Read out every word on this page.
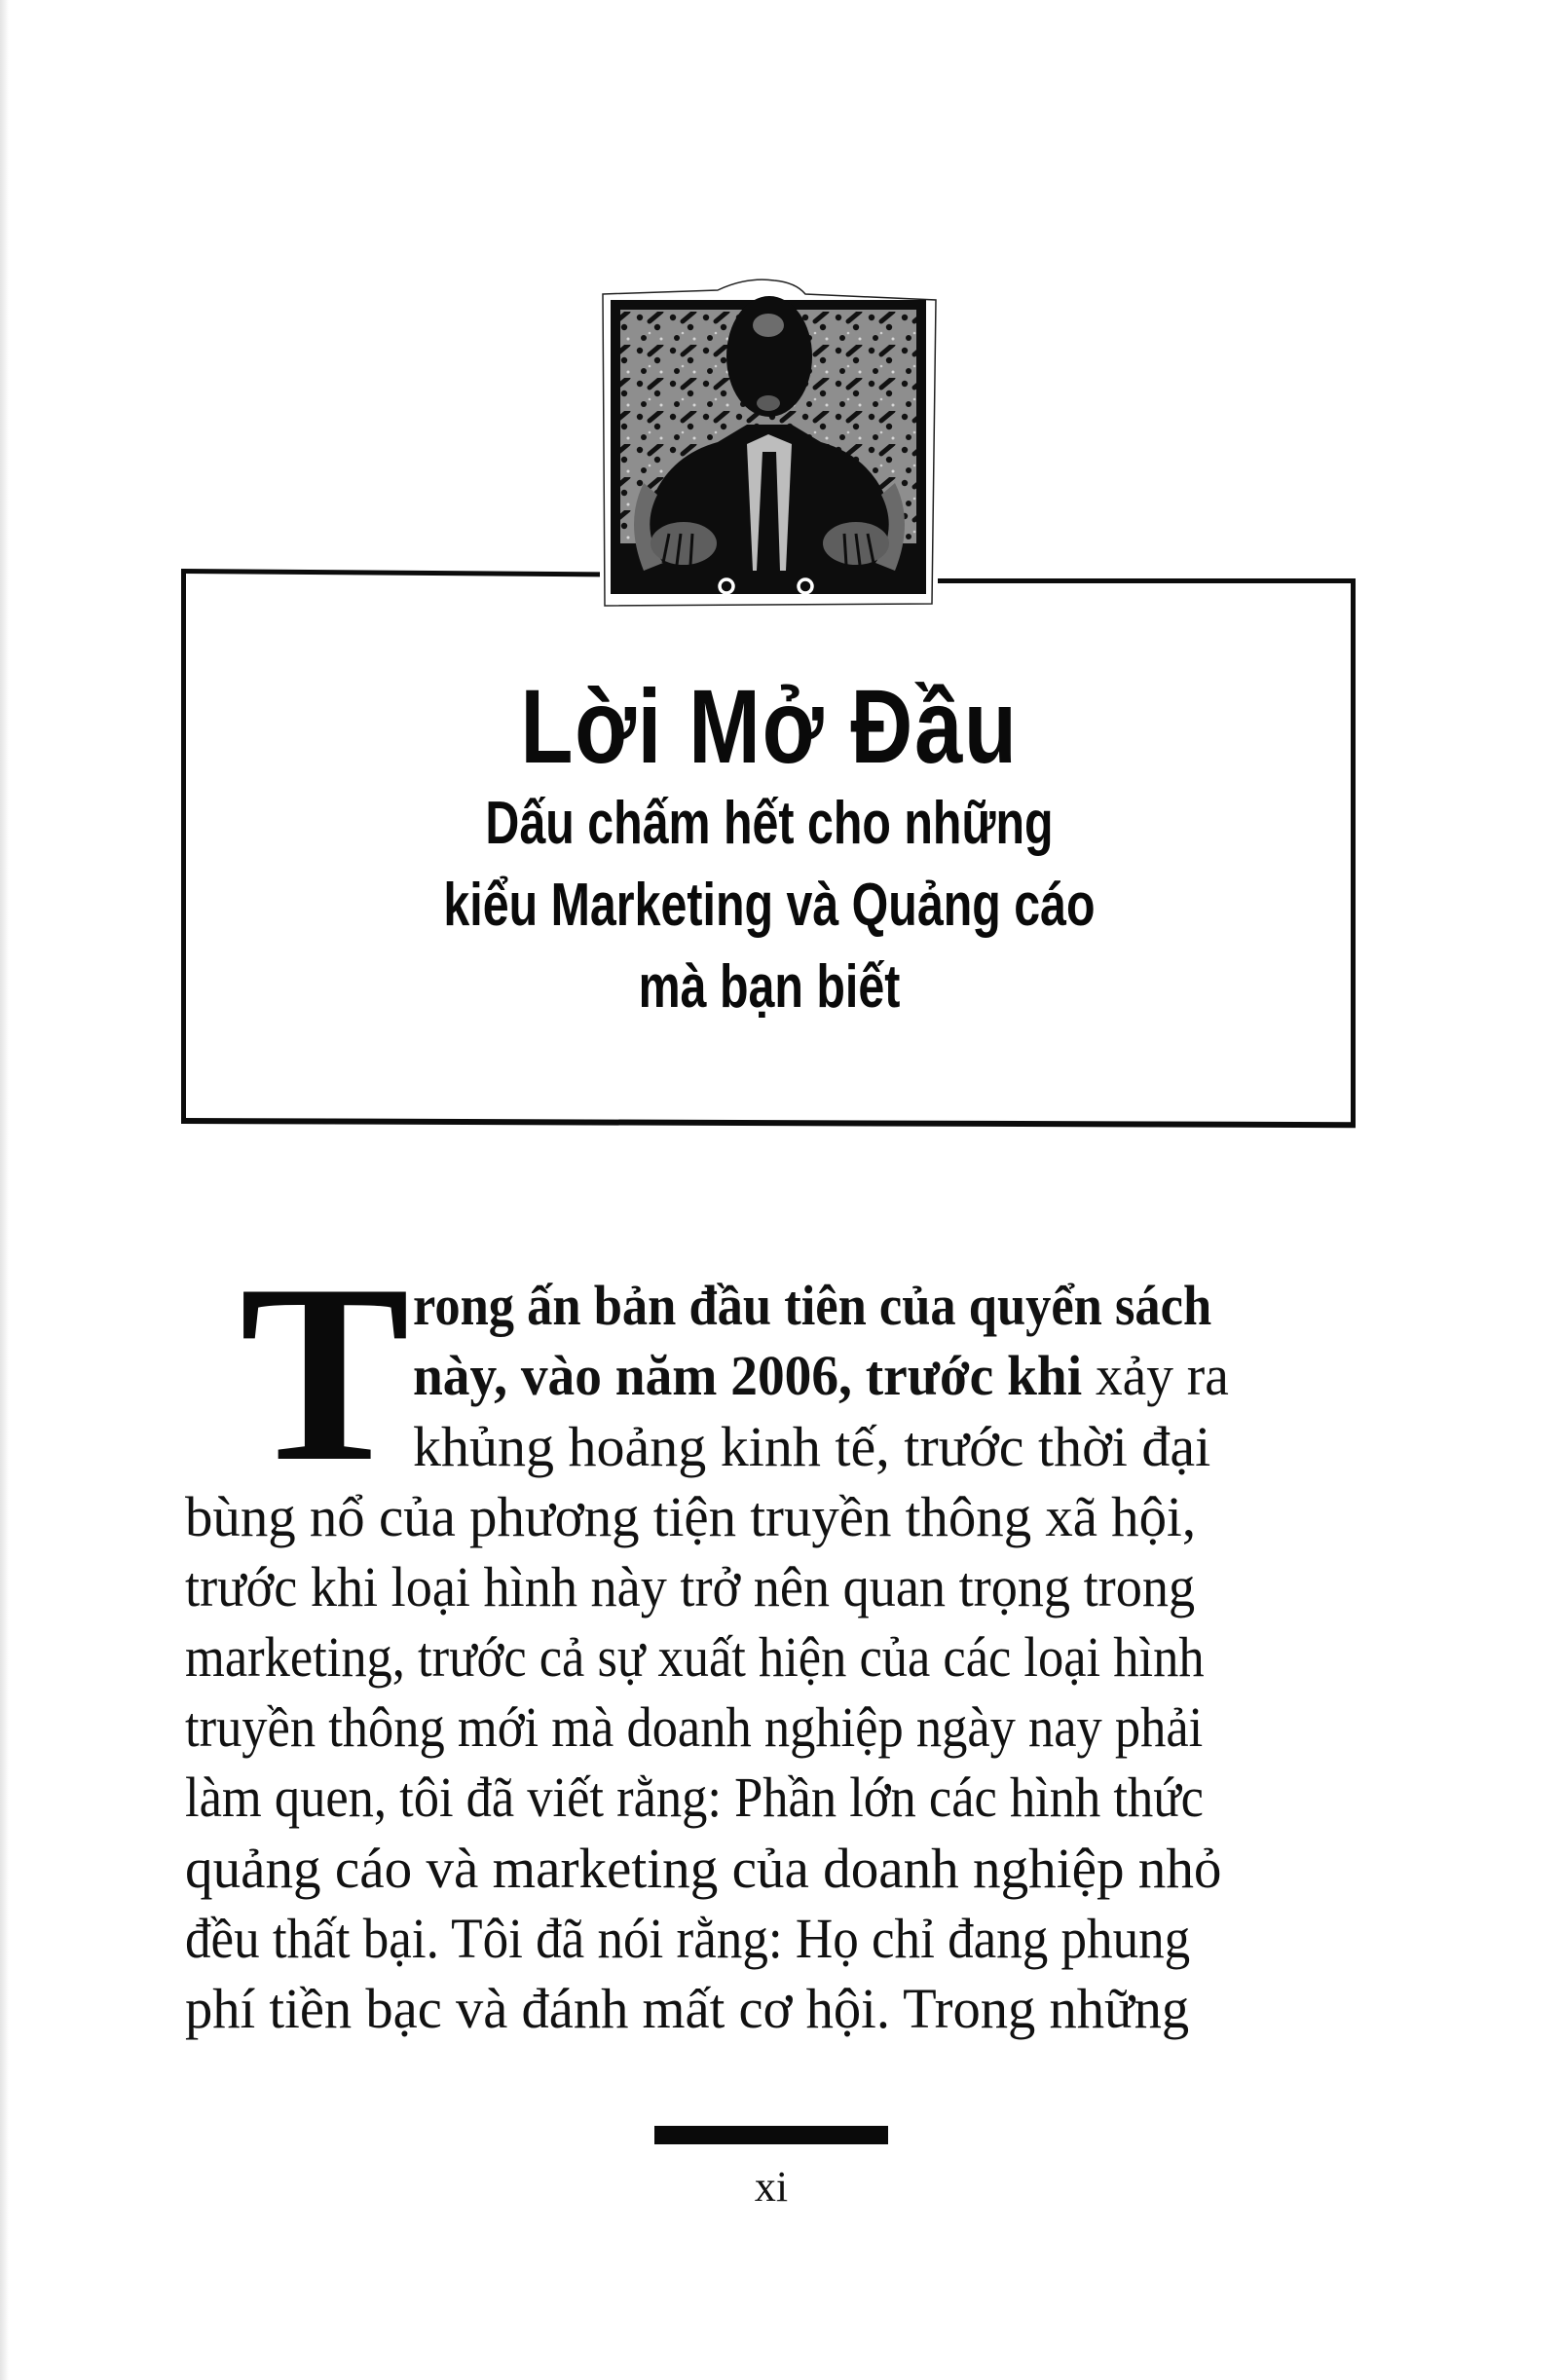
Lời Mở Đầu
Dấu chấm hết cho những
kiểu Marketing và Quảng cáo
mà bạn biết
T rong ấn bản đầu tiên của quyển sách
này, vào năm 2006, trước khi xảy ra
khủng hoảng kinh tế, trước thời đại
bùng nổ của phương tiện truyền thông xã hội,
trước khi loại hình này trở nên quan trọng trong
marketing, trước cả sự xuất hiện của các loại hình
truyền thông mới mà doanh nghiệp ngày nay phải
làm quen, tôi đã viết rằng: Phần lớn các hình thức
quảng cáo và marketing của doanh nghiệp nhỏ
đều thất bại. Tôi đã nói rằng: Họ chỉ đang phung
phí tiền bạc và đánh mất cơ hội. Trong những
xi
